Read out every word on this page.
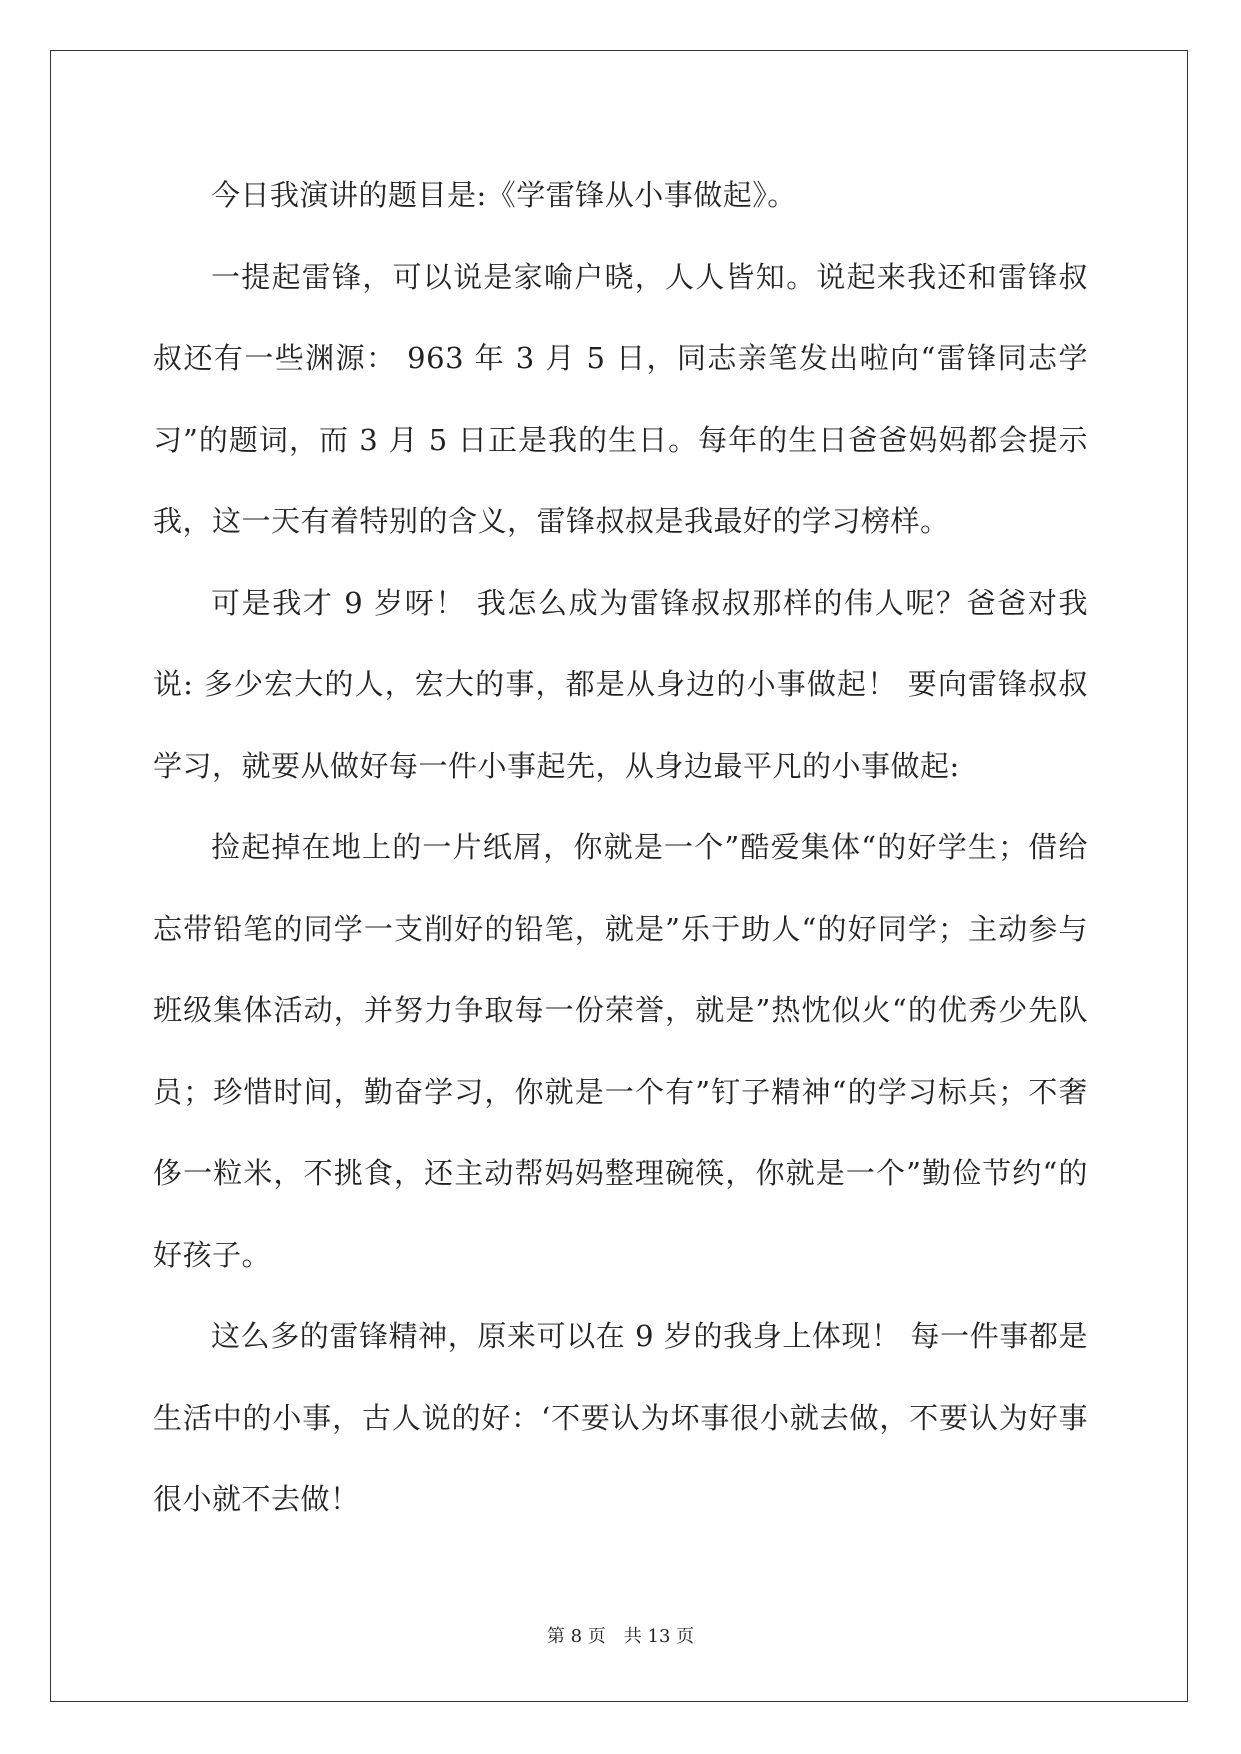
今日我演讲的题目是:《学雷锋从小事做起》。

一提起雷锋，可以说是家喻户晓，人人皆知。说起来我还和雷锋叔叔还有一些渊源： 963 年 3 月 5 日，同志亲笔发出啦向“雷锋同志学习”的题词，而 3 月 5 日正是我的生日。每年的生日爸爸妈妈都会提示我，这一天有着特别的含义，雷锋叔叔是我最好的学习榜样。

可是我才 9 岁呀！ 我怎么成为雷锋叔叔那样的伟人呢？爸爸对我说: 多少宏大的人，宏大的事，都是从身边的小事做起！ 要向雷锋叔叔学习，就要从做好每一件小事起先，从身边最平凡的小事做起:

捡起掉在地上的一片纸屑，你就是一个”酷爱集体“的好学生；借给忘带铅笔的同学一支削好的铅笔，就是”乐于助人“的好同学；主动参与班级集体活动，并努力争取每一份荣誉，就是”热忱似火“的优秀少先队员；珍惜时间，勤奋学习，你就是一个有”钉子精神“的学习标兵；不奢侈一粒米，不挑食，还主动帮妈妈整理碗筷，你就是一个”勤俭节约“的好孩子。

这么多的雷锋精神，原来可以在 9 岁的我身上体现！ 每一件事都是生活中的小事，古人说的好：‘不要认为坏事很小就去做，不要认为好事很小就不去做！

第 8 页 共 13 页
